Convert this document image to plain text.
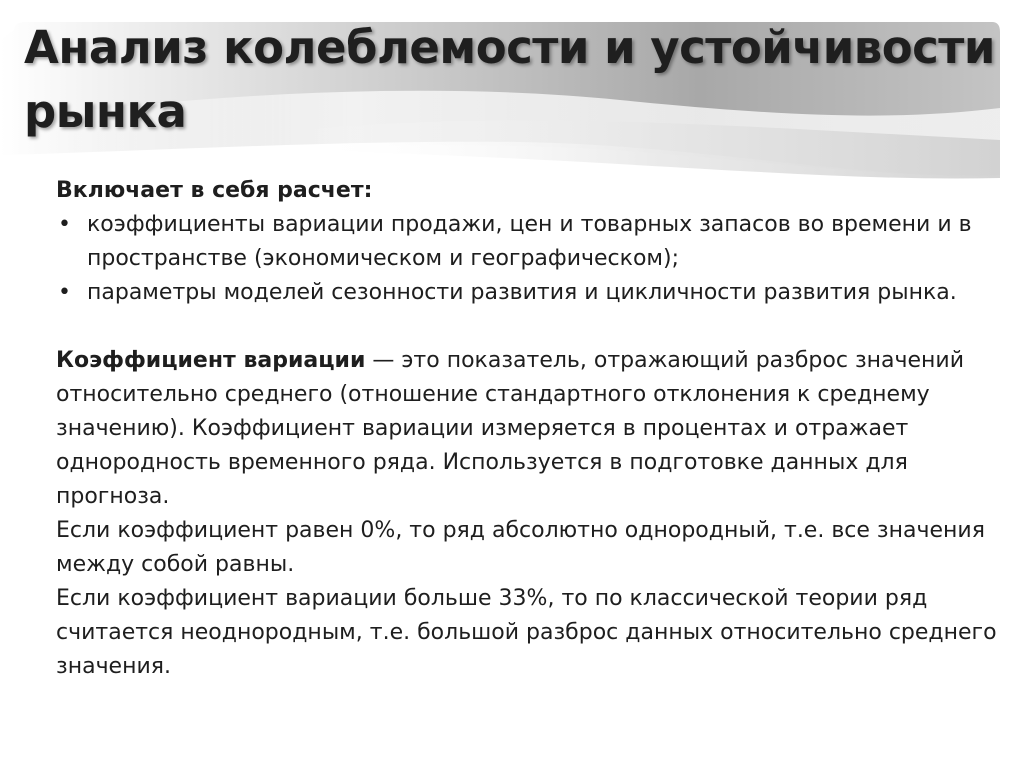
Анализ колеблемости и устойчивости рынка

Включает в себя расчет:

• коэффициенты вариации продажи, цен и товарных запасов во времени и в пространстве (экономическом и географическом);
• параметры моделей сезонности развития и цикличности развития рынка.

Коэффициент вариации — это показатель, отражающий разброс значений относительно среднего (отношение стандартного отклонения к среднему значению). Коэффициент вариации измеряется в процентах и отражает однородность временного ряда. Используется в подготовке данных для прогноза.

Если коэффициент равен 0%, то ряд абсолютно однородный, т.е. все значения между собой равны.

Если коэффициент вариации больше 33%, то по классической теории ряд считается неоднородным, т.е. большой разброс данных относительно среднего значения.
